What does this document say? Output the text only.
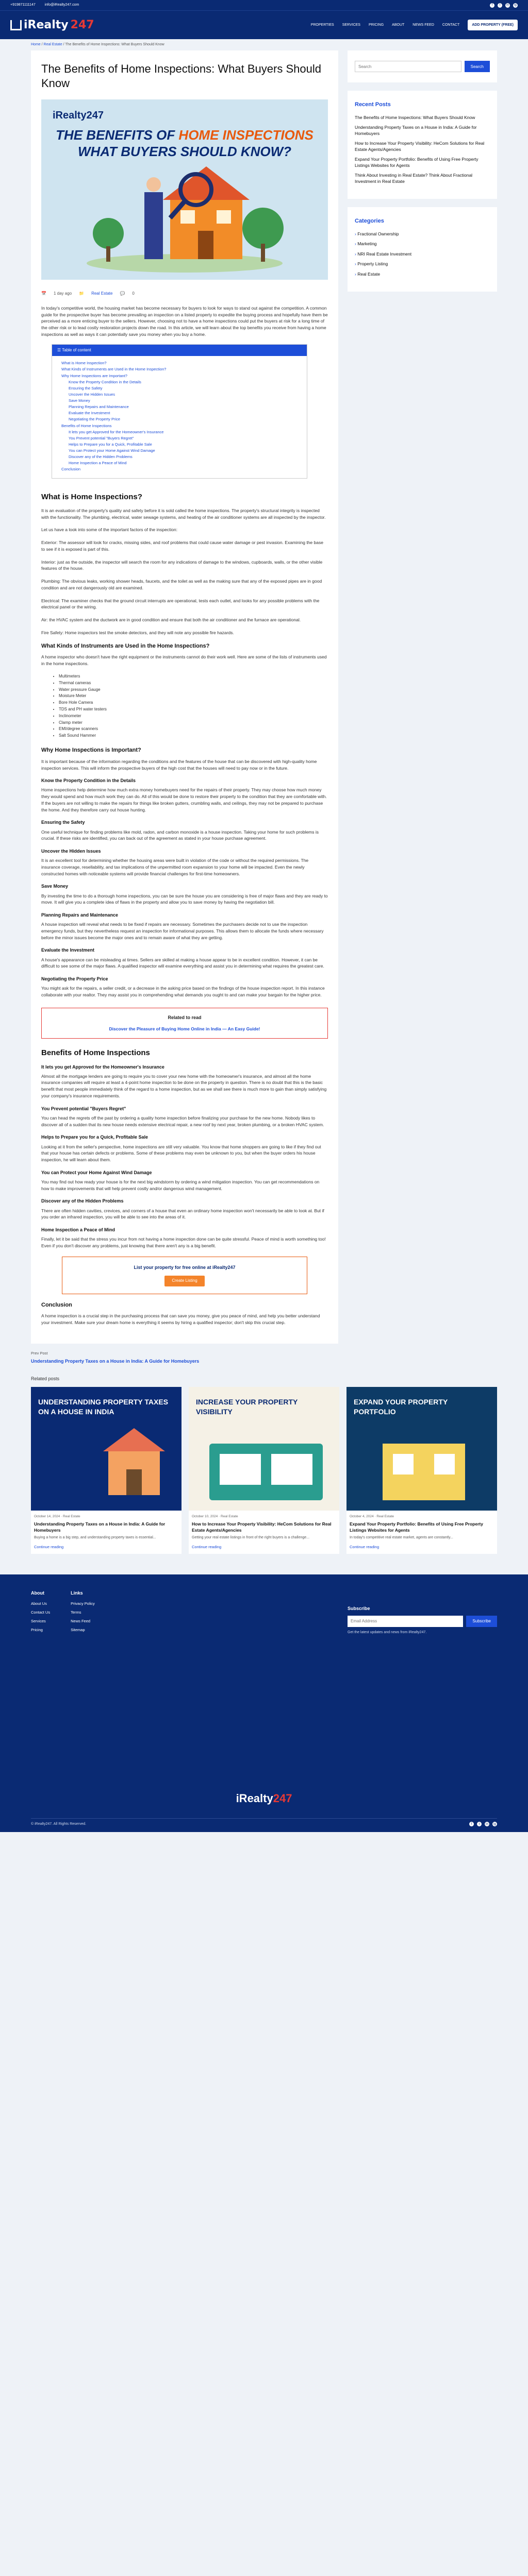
+919871111147	info@iRealty247.com	f	t	in	ig
iRealty 247	PROPERTIES SERVICES PRICING ABOUT NEWS FEED CONTACT	ADD PROPERTY (FREE)
Home / Real Estate / The Benefits of Home Inspections: What Buyers Should Know
The Benefits of Home Inspections: What Buyers Should Know
iRealty247
THE BENEFITS OF HOME INSPECTIONS
WHAT BUYERS SHOULD KNOW?
📅 1 day ago 📁 Real Estate 💬 0

In today's competitive world, the housing market has become necessary for buyers to look for ways to stand out against the competition. A common guide for the prospective buyer has become prevailing an inspection on a listed property to expedite the buying process and hopefully have them be perceived as a more enticing buyer to the sellers. However, choosing not to have a home inspections could put the buyers at risk for a long time of the other risk or to lead costly restoration projects down the road. In this article, we will learn about the top benefits you receive from having a home inspections as well as ways it can potentially save you money when you buy a home.

☰ Table of content
What is Home Inspection?
What Kinds of Instruments are Used in the Home Inspection?
Why Home Inspections are Important?
Know the Property Condition in the Details
Ensuring the Safety
Uncover the Hidden Issues
Save Money
Planning Repairs and Maintenance
Evaluate the Investment
Negotiating the Property Price
Benefits of Home Inspections
It lets you get Approved for the Homeowner's Insurance
You Prevent potential "Buyers Regret"
Helps to Prepare you for a Quick, Profitable Sale
You can Protect your Home Against Wind Damage
Discover any of the Hidden Problems
Home Inspection a Peace of Mind
Conclusion
What is Home Inspections?

It is an evaluation of the property's quality and safety before it is sold called the home inspections. The property's structural integrity is inspected with the functionality. The plumbing, electrical, water sewage systems, and heating of the air conditioner systems are all inspected by the inspector.

Let us have a look into some of the important factors of the inspection:

Exterior: The assessor will look for cracks, missing sides, and roof problems that could cause water damage or pest invasion. Examining the base to see if it is exposed is part of this.

Interior: just as the outside, the inspector will search the room for any indications of damage to the windows, cupboards, walls, or the other visible features of the house.

Plumbing: The obvious leaks, working shower heads, faucets, and the toilet as well as the making sure that any of the exposed pipes are in good condition and are not dangerously old are examined.

Electrical: The examiner checks that the ground circuit interrupts are operational, tests each outlet, and looks for any possible problems with the electrical panel or the wiring.

Air: the HVAC system and the ductwork are in good condition and ensure that both the air conditioner and the furnace are operational.

Fire Safety: Home inspectors test the smoke detectors, and they will note any possible fire hazards.

What Kinds of Instruments are Used in the Home Inspections?

A home inspector who doesn't have the right equipment or the instruments cannot do their work well. Here are some of the lists of instruments used in the home inspections.

• Multimeters
• Thermal cameras
• Water pressure Gauge
• Moisture Meter
• Bore Hole Camera
• TDS and PH water testers
• Inclinometer
• Clamp meter
• EMI/degree scanners
• Salt Sound Hammer
Why Home Inspections is Important?

It is important because of the information regarding the conditions and the features of the house that can be discovered with high-quality home inspection services. This will inform the prospective buyers of the high cost that the houses will need to pay now or in the future.

Know the Property Condition in the Details

Home inspections help determine how much extra money homebuyers need for the repairs of their property. They may choose how much money they would spend and how much work they can do. All of this would be done to restore their property to the condition that they are comfortable with. If the buyers are not willing to make the repairs for things like broken gutters, crumbling walls, and ceilings, they may not be prepared to purchase the home. And they therefore carry out house hunting.

Ensuring the Safety

One useful technique for finding problems like mold, radon, and carbon monoxide is a house inspection. Taking your home for such problems is crucial. If these risks are identified, you can back out of the agreement as stated in your house purchase agreement.

Uncover the Hidden Issues

It is an excellent tool for determining whether the housing areas were built in violation of the code or without the required permissions. The insurance coverage, resellability, and tax implications of the unpermitted room expansion to your home will be impacted. Even the newly constructed homes with noticeable systems will provide financial challenges for first-time homeowners.

Save Money

By investing the time to do a thorough home inspections, you can be sure the house you are considering is free of major flaws and they are ready to move. It will give you a complete idea of flaws in the property and allow you to save money by having the negotiation bill.

Planning Repairs and Maintenance

A house inspection will reveal what needs to be fixed if repairs are necessary. Sometimes the purchasers decide not to use the inspection emergency funds, but they nevertheless request an inspection for informational purposes. This allows them to allocate the funds where necessary before the minor issues become the major ones and to remain aware of what they are getting.

Evaluate the Investment

A house's appearance can be misleading at times. Sellers are skilled at making a house appear to be in excellent condition. However, it can be difficult to see some of the major flaws. A qualified inspector will examine everything and assist you in determining what requires the greatest care.

Negotiating the Property Price

You might ask for the repairs, a seller credit, or a decrease in the asking price based on the findings of the house inspection report. In this instance collaborate with your realtor. They may assist you in comprehending what demands you ought to and can make your bargain for the higher price.

Related to read
Discover the Pleasure of Buying Home Online in India — An Easy Guide!
Benefits of Home Inspections
It lets you get Approved for the Homeowner's Insurance

Almost all the mortgage lenders are going to require you to cover your new home with the homeowner's insurance, and almost all the home insurance companies will require at least a 4-point home inspection to be done on the property in question. There is no doubt that this is the basic benefit that most people immediately think of the regard to a home inspection, but as we shall see there is much more to gain than simply satisfying your company's insurance requirements.

You Prevent potential "Buyers Regret"

You can head the regrets off the past by ordering a quality home inspection before finalizing your purchase for the new home. Nobody likes to discover all of a sudden that its new house needs extensive electrical repair, a new roof by next year, broken plumbing, or a broken HVAC system.

Helps to Prepare you for a Quick, Profitable Sale

Looking at it from the seller's perspective, home inspections are still very valuable. You know that home shoppers are going to like if they find out that your house has certain defects or problems. Some of these problems may even be unknown to you, but when the buyer orders his house inspection, he will learn about them.

You can Protect your Home Against Wind Damage

You may find out how ready your house is for the next big windstorm by ordering a wind mitigation inspection. You can get recommendations on how to make improvements that will help prevent costly and/or dangerous wind management.

Discover any of the Hidden Problems

There are often hidden cavities, crevices, and corners of a house that even an ordinary home inspection won't necessarily be able to look at. But if you order an infrared inspection, you will be able to see into the areas of it.

Home Inspection a Peace of Mind

Finally, let it be said that the stress you incur from not having a home inspection done can be quite stressful. Peace of mind is worth something too! Even if you don't discover any problems, just knowing that there aren't any is a big benefit.

List your property for free online at iRealty247
Create Listing
Conclusion

A home inspection is a crucial step in the purchasing process that can save you money, give you peace of mind, and help you better understand your investment. Make sure your dream home is everything it seems by hiring a qualified inspector; don't skip this crucial step.

Search
Search
Recent Posts
The Benefits of Home Inspections: What Buyers Should Know
Understanding Property Taxes on a House in India: A Guide for Homebuyers
How to Increase Your Property Visibility: HeCom Solutions for Real Estate Agents/Agencies
Expand Your Property Portfolio: Benefits of Using Free Property Listings Websites for Agents
Think About Investing in Real Estate? Think About Fractional Investment in Real Estate
Categories
› Fractional Ownership
› Marketing
› NRI Real Estate Investment
› Property Listing
› Real Estate
Prev Post
Understanding Property Taxes on a House in India: A Guide for Homebuyers
Related posts
UNDERSTANDING PROPERTY TAXES ON A HOUSE IN INDIA
October 14, 2024 · Real Estate
Understanding Property Taxes on a House in India: A Guide for Homebuyers
Buying a home is a big step, and understanding property taxes is essential...
Continue reading
INCREASE YOUR PROPERTY VISIBILITY
October 10, 2024 · Real Estate
How to Increase Your Property Visibility: HeCom Solutions for Real Estate Agents/Agencies
Getting your real estate listings in front of the right buyers is a challenge...
Continue reading
EXPAND YOUR PROPERTY PORTFOLIO
October 4, 2024 · Real Estate
Expand Your Property Portfolio: Benefits of Using Free Property Listings Websites for Agents
In today's competitive real estate market, agents are constantly...
Continue reading
About
About Us
Contact Us
Services
Pricing
Links
Privacy Policy
Terms
News Feed
Sitemap
Subscribe
Email Address
Subscribe
Get the latest updates and news from iRealty247.
iRealty247
© iRealty247. All Rights Reserved.	f	t	in	ig
